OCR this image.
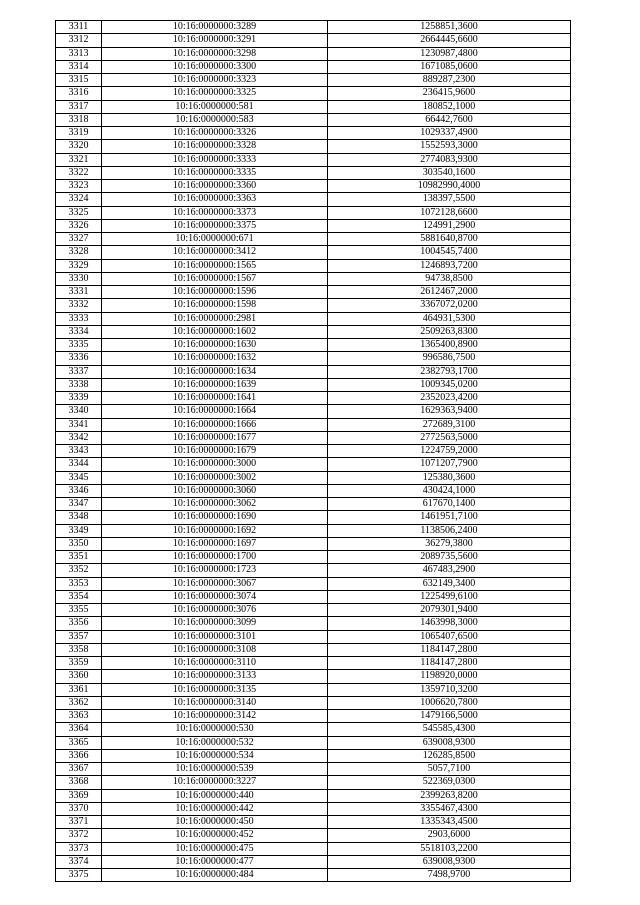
3311	10:16:0000000:3289	1258851,3600
3312	10:16:0000000:3291	2664445,6600
3313	10:16:0000000:3298	1230987,4800
3314	10:16:0000000:3300	1671085,0600
3315	10:16:0000000:3323	889287,2300
3316	10:16:0000000:3325	236415,9600
3317	10:16:0000000:581	180852,1000
3318	10:16:0000000:583	66442,7600
3319	10:16:0000000:3326	1029337,4900
3320	10:16:0000000:3328	1552593,3000
3321	10:16:0000000:3333	2774083,9300
3322	10:16:0000000:3335	303540,1600
3323	10:16:0000000:3360	10982990,4000
3324	10:16:0000000:3363	138397,5500
3325	10:16:0000000:3373	1072128,6600
3326	10:16:0000000:3375	124991,2900
3327	10:16:0000000:671	5881640,8700
3328	10:16:0000000:3412	1004545,7400
3329	10:16:0000000:1565	1246893,7200
3330	10:16:0000000:1567	94738,8500
3331	10:16:0000000:1596	2612467,2000
3332	10:16:0000000:1598	3367072,0200
3333	10:16:0000000:2981	464931,5300
3334	10:16:0000000:1602	2509263,8300
3335	10:16:0000000:1630	1365400,8900
3336	10:16:0000000:1632	996586,7500
3337	10:16:0000000:1634	2382793,1700
3338	10:16:0000000:1639	1009345,0200
3339	10:16:0000000:1641	2352023,4200
3340	10:16:0000000:1664	1629363,9400
3341	10:16:0000000:1666	272689,3100
3342	10:16:0000000:1677	2772563,5000
3343	10:16:0000000:1679	1224759,2000
3344	10:16:0000000:3000	1071207,7900
3345	10:16:0000000:3002	125380,3600
3346	10:16:0000000:3060	430424,1000
3347	10:16:0000000:3062	617670,1400
3348	10:16:0000000:1690	1461951,7100
3349	10:16:0000000:1692	1138506,2400
3350	10:16:0000000:1697	36279,3800
3351	10:16:0000000:1700	2089735,5600
3352	10:16:0000000:1723	467483,2900
3353	10:16:0000000:3067	632149,3400
3354	10:16:0000000:3074	1225499,6100
3355	10:16:0000000:3076	2079301,9400
3356	10:16:0000000:3099	1463998,3000
3357	10:16:0000000:3101	1065407,6500
3358	10:16:0000000:3108	1184147,2800
3359	10:16:0000000:3110	1184147,2800
3360	10:16:0000000:3133	1198920,0000
3361	10:16:0000000:3135	1359710,3200
3362	10:16:0000000:3140	1006620,7800
3363	10:16:0000000:3142	1479166,5000
3364	10:16:0000000:530	545585,4300
3365	10:16:0000000:532	639008,9300
3366	10:16:0000000:534	126285,8500
3367	10:16:0000000:539	5057,7100
3368	10:16:0000000:3227	522369,0300
3369	10:16:0000000:440	2399263,8200
3370	10:16:0000000:442	3355467,4300
3371	10:16:0000000:450	1335343,4500
3372	10:16:0000000:452	2903,6000
3373	10:16:0000000:475	5518103,2200
3374	10:16:0000000:477	639008,9300
3375	10:16:0000000:484	7498,9700
